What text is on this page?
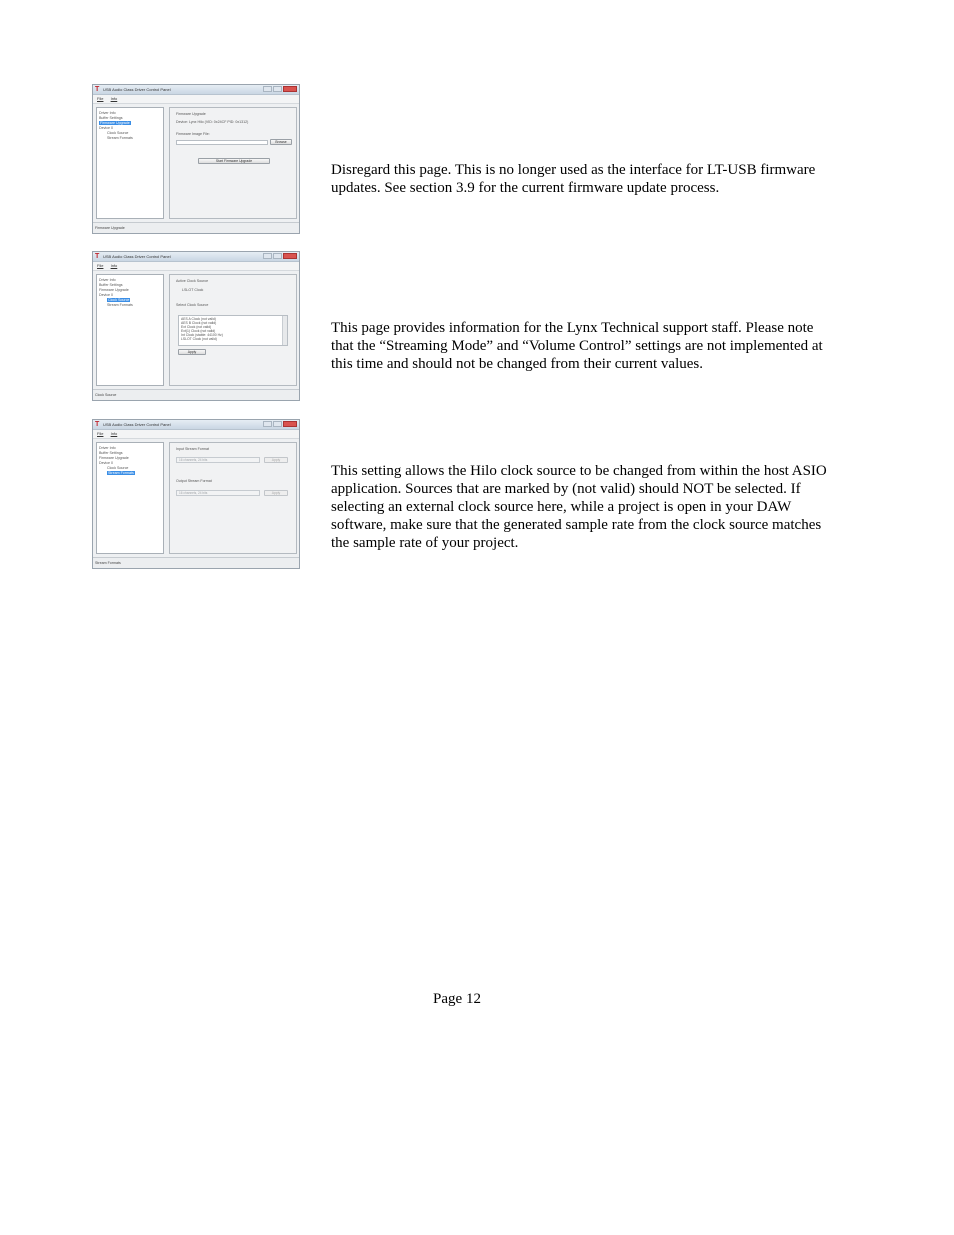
T USB Audio Class Driver Control Panel
File Info
Driver Info
Buffer Settings
Firmware Upgrade
Device 0
Clock Source
Stream Formats
Firmware Upgrade
Device: Lynx Hilo (VID: 0x24CF PID: 0x1312)
Firmware Image File:
Browse
Start Firmware Upgrade
Firmware Upgrade

Disregard this page. This is no longer used as the interface for LT-USB firmware updates. See section 3.9 for the current firmware update process.

T USB Audio Class Driver Control Panel
File Info
Driver Info
Buffer Settings
Firmware Upgrade
Device 0
Clock Source
Stream Formats
Active Clock Source
LSLOT Clock
Select Clock Source
AES A Clock (not valid)
AES B Clock (not valid)
Ext Clock (not valid)
Ext(1) Clock (not valid)
Int Clock (stable: 44100 Hz)
LSLOT Clock (not valid)
Apply
Clock Source

This page provides information for the Lynx Technical support staff. Please note that the “Streaming Mode” and “Volume Control” settings are not implemented at this time and should not be changed from their current values.

T USB Audio Class Driver Control Panel
File Info
Driver Info
Buffer Settings
Firmware Upgrade
Device 0
Clock Source
Stream Formats
Input Stream Format
16 channels, 24 bits	Apply
Output Stream Format
16 channels, 24 bits	Apply
Stream Formats

This setting allows the Hilo clock source to be changed from within the host ASIO application. Sources that are marked by (not valid) should NOT be selected. If selecting an external clock source here, while a project is open in your DAW software, make sure that the generated sample rate from the clock source matches the sample rate of your project.

Page 12
